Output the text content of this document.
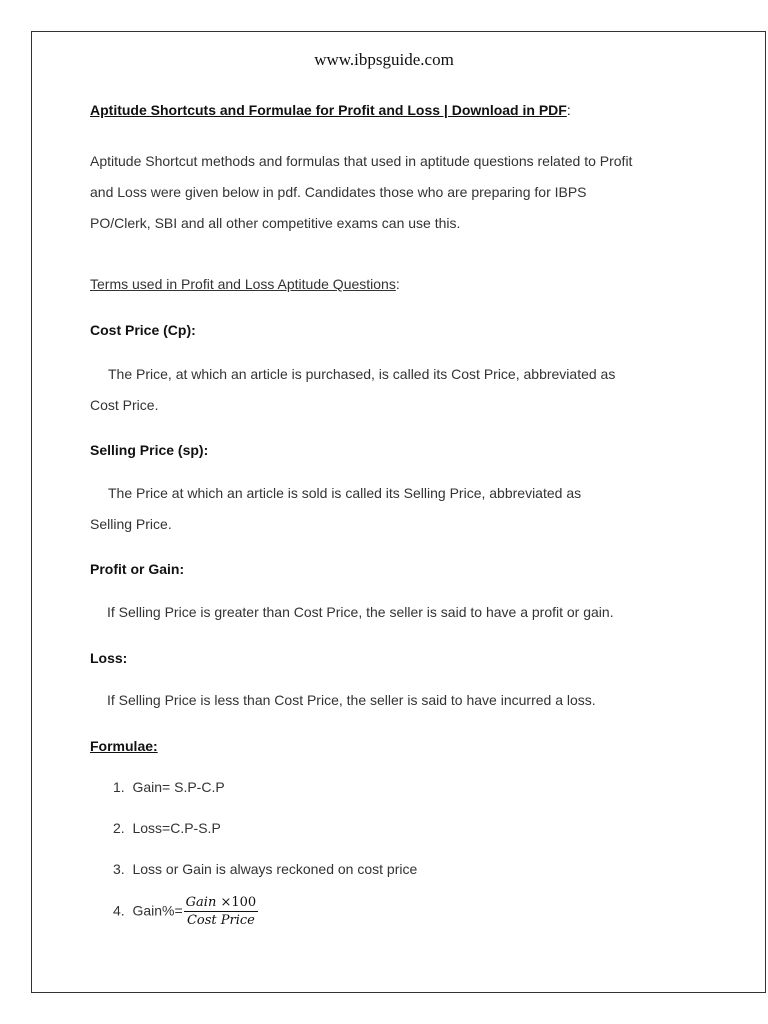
www.ibpsguide.com
Aptitude Shortcuts and Formulae for Profit and Loss | Download in PDF:
Aptitude Shortcut methods and formulas that used in aptitude questions related to Profit
and Loss were given below in pdf. Candidates those who are preparing for IBPS
PO/Clerk, SBI and all other competitive exams can use this.
Terms used in Profit and Loss Aptitude Questions:
Cost Price (Cp):
The Price, at which an article is purchased, is called its Cost Price, abbreviated as
Cost Price.
Selling Price (sp):
The Price at which an article is sold is called its Selling Price, abbreviated as
Selling Price.
Profit or Gain:
If Selling Price is greater than Cost Price, the seller is said to have a profit or gain.
Loss:
If Selling Price is less than Cost Price, the seller is said to have incurred a loss.
Formulae:
1. Gain= S.P-C.P
2. Loss=C.P-S.P
3. Loss or Gain is always reckoned on cost price
4. Gain%= $\frac{\text{Gain ×100}}{\text{Cost Price}}$
